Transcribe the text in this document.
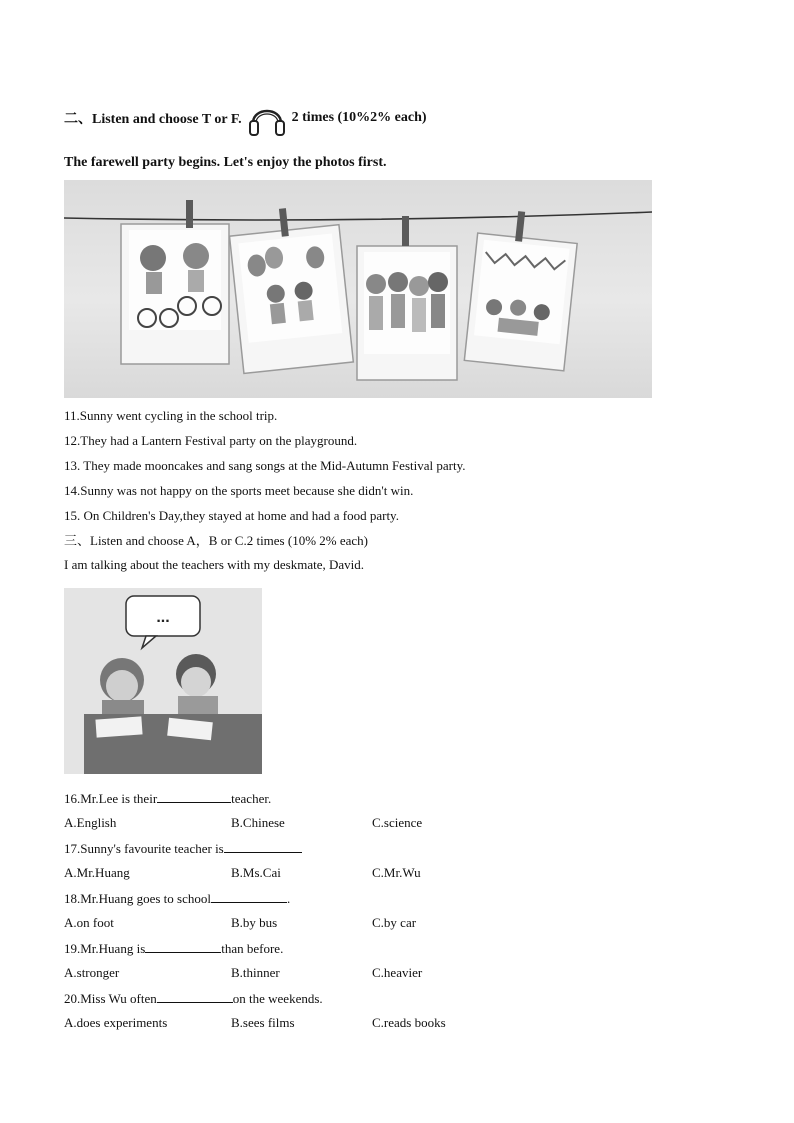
二、Listen and choose T or F.	2 times (10%2% each)
The farewell party begins. Let's enjoy the photos first.
11.Sunny went cycling in the school trip.
12.They had a Lantern Festival party on the playground.
13. They made mooncakes and sang songs at the Mid-Autumn Festival party.
14.Sunny was not happy on the sports meet because she didn't win.
15. On Children's Day,they stayed at home and had a food party.
三、Listen and choose A，B or C.2 times (10% 2% each)
I am talking about the teachers with my deskmate, David.
...
16.Mr.Lee is their	teacher.
A.English	B.Chinese	C.science
17.Sunny's favourite teacher is
A.Mr.Huang	B.Ms.Cai	C.Mr.Wu
18.Mr.Huang goes to school	.
A.on foot	B.by bus	C.by car
19.Mr.Huang is	than before.
A.stronger	B.thinner	C.heavier
20.Miss Wu often	on the weekends.
A.does experiments	B.sees films	C.reads books
